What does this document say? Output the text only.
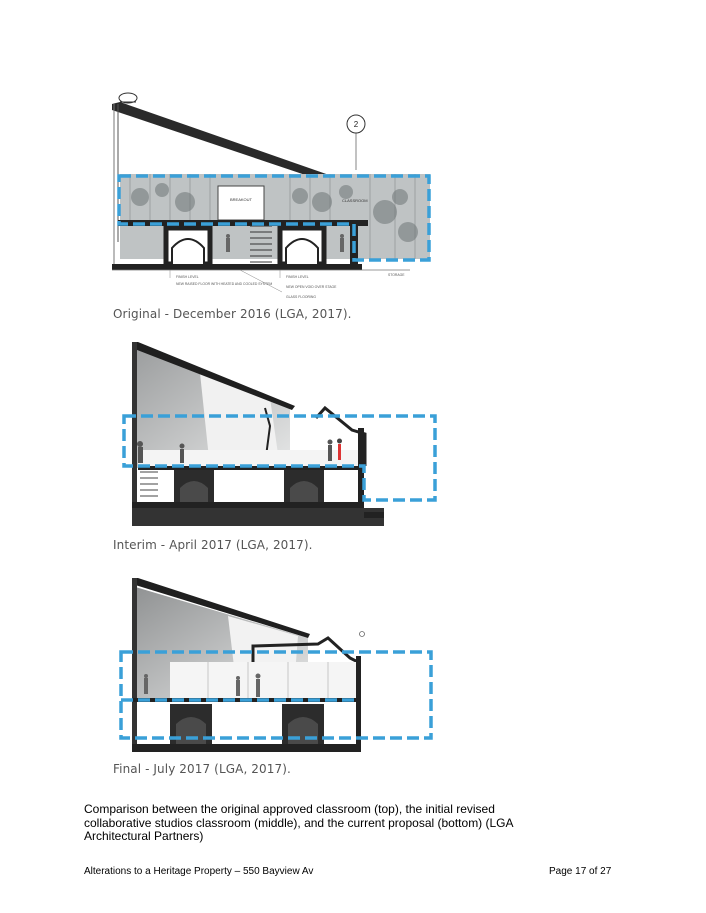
BREAKOUT	CLASSROOM
FINISH LEVEL	FINISH LEVEL	STORAGE
NEW RAISED FLOOR WITH HEATED AND COOLED SYSTEM
NEW OPEN VOID OVER STAGE
GLASS FLOORING
2
Original - December 2016 (LGA, 2017).
Interim - April 2017 (LGA, 2017).
Final - July 2017 (LGA, 2017).
Comparison between the original approved classroom (top), the initial revised collaborative studios classroom (middle), and the current proposal (bottom) (LGA Architectural Partners)
Alterations to a Heritage Property – 550 Bayview Av	Page 17 of 27
